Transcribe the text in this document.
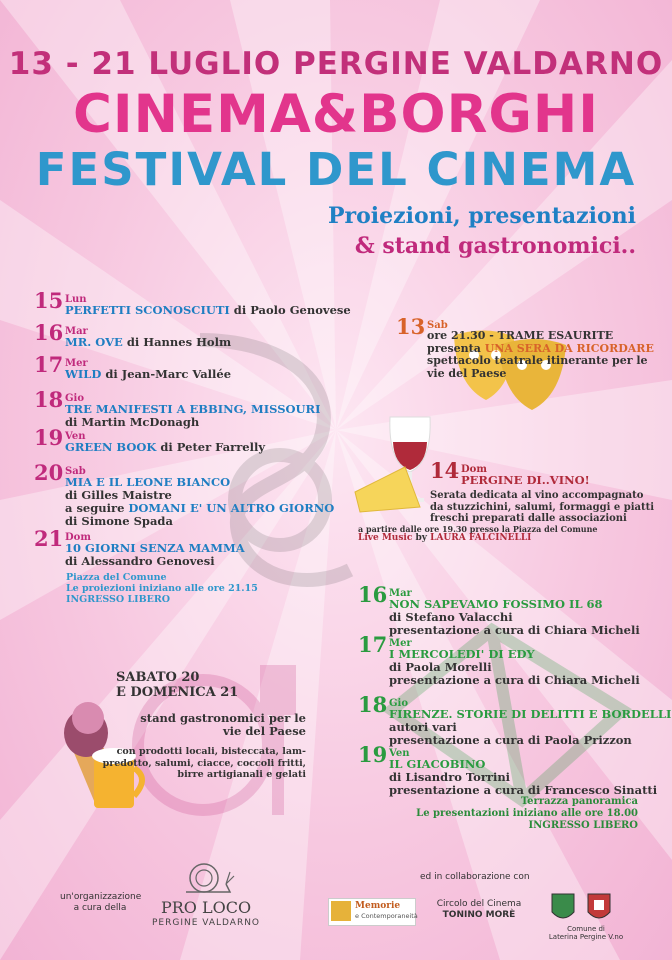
13 - 21 LUGLIO PERGINE VALDARNO
CINEMA&BORGHI
FESTIVAL DEL CINEMA
Proiezioni, presentazioni
& stand gastronomici..
15 Lun
PERFETTI SCONOSCIUTI di Paolo Genovese
16 Mar
MR. OVE di Hannes Holm
17 Mer
WILD di Jean-Marc Vallée
18 Gio
TRE MANIFESTI A EBBING, MISSOURI
di Martin McDonagh
19 Ven
GREEN BOOK di Peter Farrelly
20 Sab
MIA E IL LEONE BIANCO
di Gilles Maistre
a seguire DOMANI E' UN ALTRO GIORNO
di Simone Spada
21 Dom
10 GIORNI SENZA MAMMA
di Alessandro Genovesi
Piazza del Comune
Le proiezioni iniziano alle ore 21.15
INGRESSO LIBERO
13 Sab
ore 21.30 - TRAME ESAURITE
presenta UNA SERA DA RICORDARE
spettacolo teatrale itinerante per le
vie del Paese
14 Dom
PERGINE DI..VINO!
Serata dedicata al vino accompagnato
da stuzzichini, salumi, formaggi e piatti
freschi preparati dalle associazioni
a partire dalle ore 19.30 presso la Piazza del Comune
Live Music by LAURA FALCINELLI
16 Mar
NON SAPEVAMO FOSSIMO IL 68
di Stefano Valacchi
presentazione a cura di Chiara Micheli
17 Mer
I MERCOLEDI' DI EDY
di Paola Morelli
presentazione a cura di Chiara Micheli
18 Gio
FIRENZE. STORIE DI DELITTI E BORDELLI
autori vari
presentazione a cura di Paola Prizzon
19 Ven
IL GIACOBINO
di Lisandro Torrini
presentazione a cura di Francesco Sinatti
Terrazza panoramica
Le presentazioni iniziano alle ore 18.00
INGRESSO LIBERO
SABATO 20
E DOMENICA 21
stand gastronomici per le
vie del Paese
con prodotti locali, bisteccata, lam-
predotto, salumi, ciacce, coccoli fritti,
birre artigianali e gelati
un'organizzazione
a cura della	PRO LOCO
PERGINE VALDARNO
ed in collaborazione con
Memorie
e Contemporaneità
Circolo del Cinema
TONINO MORÈ
Comune di
Laterina Pergine V.no
